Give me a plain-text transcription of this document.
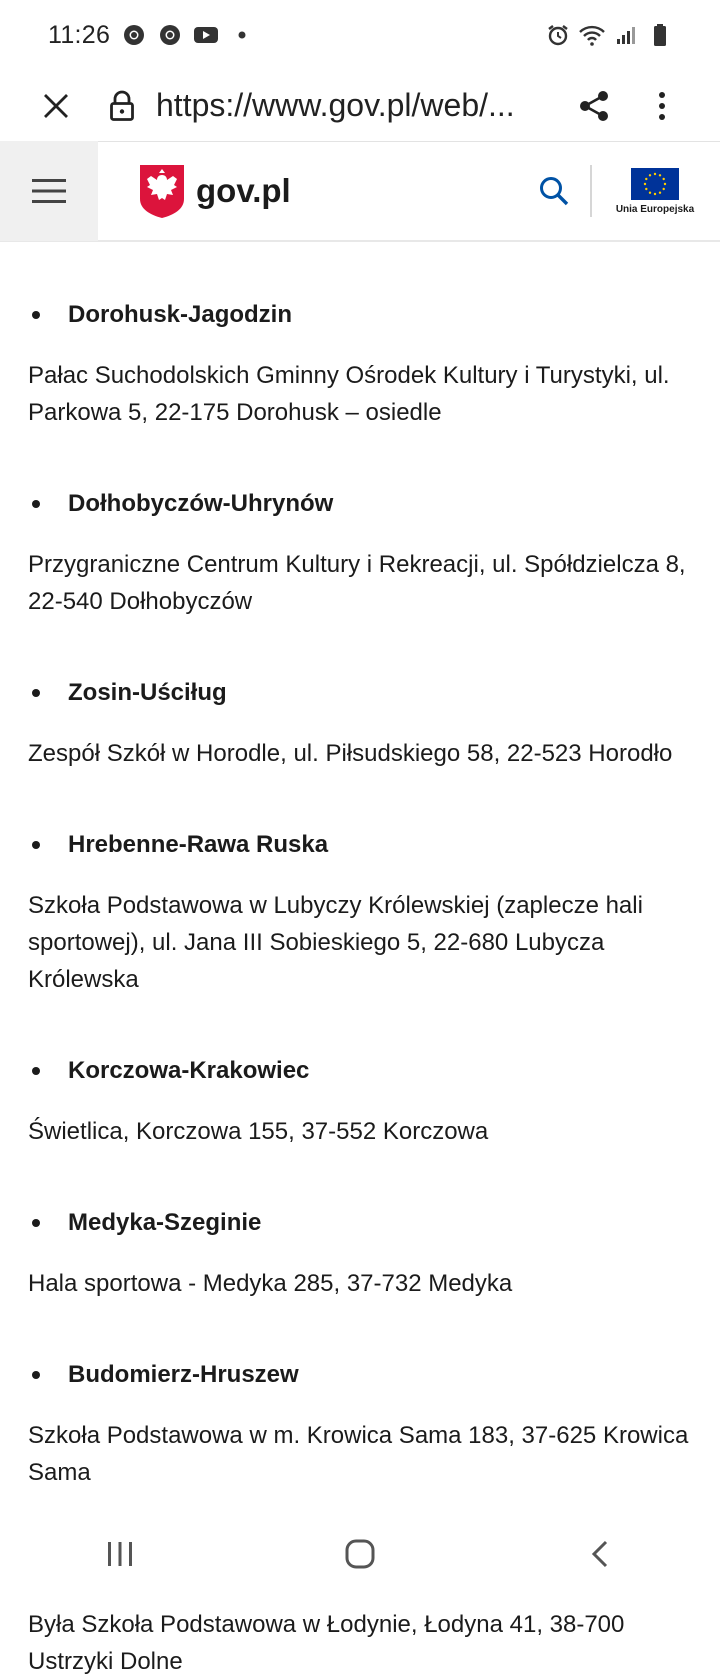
11:26
https://www.gov.pl/web/...
gov.pl	Unia Europejska
Dorohusk-Jagodzin
Pałac Suchodolskich Gminny Ośrodek Kultury i Turystyki, ul. Parkowa 5, 22-175 Dorohusk – osiedle
Dołhobyczów-Uhrynów
Przygraniczne Centrum Kultury i Rekreacji, ul. Spółdzielcza 8, 22-540 Dołhobyczów
Zosin-Uściług
Zespół Szkół w Horodle, ul. Piłsudskiego 58, 22-523 Horodło
Hrebenne-Rawa Ruska
Szkoła Podstawowa w Lubyczy Królewskiej (zaplecze hali sportowej), ul. Jana III Sobieskiego 5, 22-680 Lubycza Królewska
Korczowa-Krakowiec
Świetlica, Korczowa 155, 37-552 Korczowa
Medyka-Szeginie
Hala sportowa - Medyka 285, 37-732 Medyka
Budomierz-Hruszew
Szkoła Podstawowa w m. Krowica Sama 183, 37-625 Krowica Sama
Była Szkoła Podstawowa w Łodynie, Łodyna 41, 38-700 Ustrzyki Dolne
